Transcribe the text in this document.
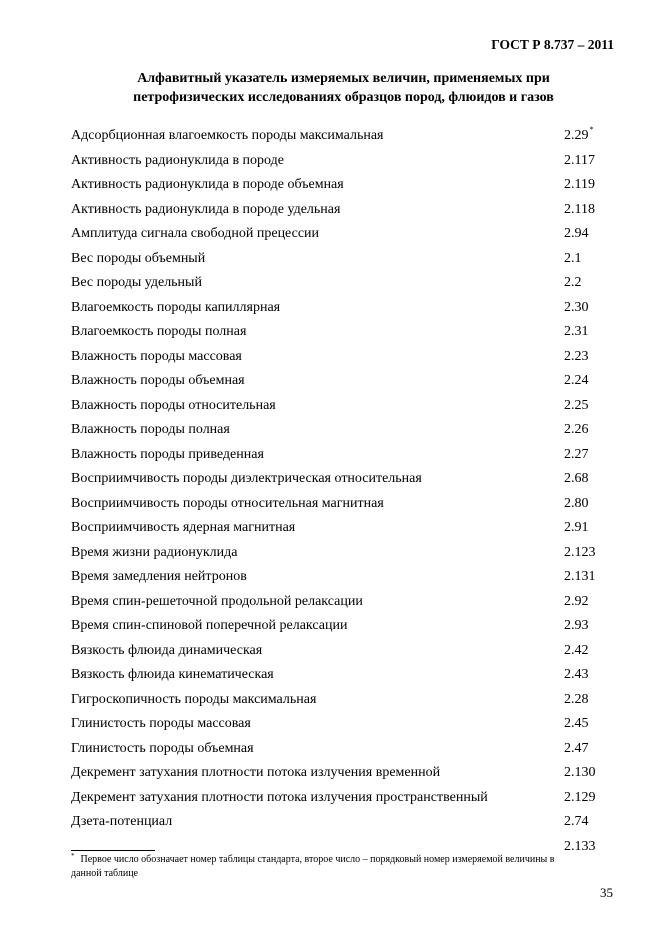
ГОСТ Р 8.737 – 2011
Алфавитный указатель измеряемых величин, применяемых при
петрофизических исследованиях образцов пород, флюидов и газов
Адсорбционная влагоемкость породы максимальная	2.29*
Активность радионуклида в породе	2.117
Активность радионуклида в породе объемная	2.119
Активность радионуклида в породе удельная	2.118
Амплитуда сигнала свободной прецессии	2.94
Вес породы объемный	2.1
Вес породы удельный	2.2
Влагоемкость породы капиллярная	2.30
Влагоемкость породы полная	2.31
Влажность породы массовая	2.23
Влажность породы объемная	2.24
Влажность породы относительная	2.25
Влажность породы полная	2.26
Влажность породы приведенная	2.27
Восприимчивость породы диэлектрическая относительная	2.68
Восприимчивость породы относительная магнитная	2.80
Восприимчивость ядерная магнитная	2.91
Время жизни радионуклида	2.123
Время замедления нейтронов	2.131
Время спин-решеточной продольной релаксации	2.92
Время спин-спиновой поперечной релаксации	2.93
Вязкость флюида динамическая	2.42
Вязкость флюида кинематическая	2.43
Гигроскопичность породы максимальная	2.28
Глинистость породы массовая	2.45
Глинистость породы объемная	2.47
Декремент затухания плотности потока излучения временной	2.130
Декремент затухания плотности потока излучения пространственный	2.129
Дзета-потенциал	2.74
2.133
* Первое число обозначает номер таблицы стандарта, второе число – порядковый номер измеряемой величины в данной таблице
35
